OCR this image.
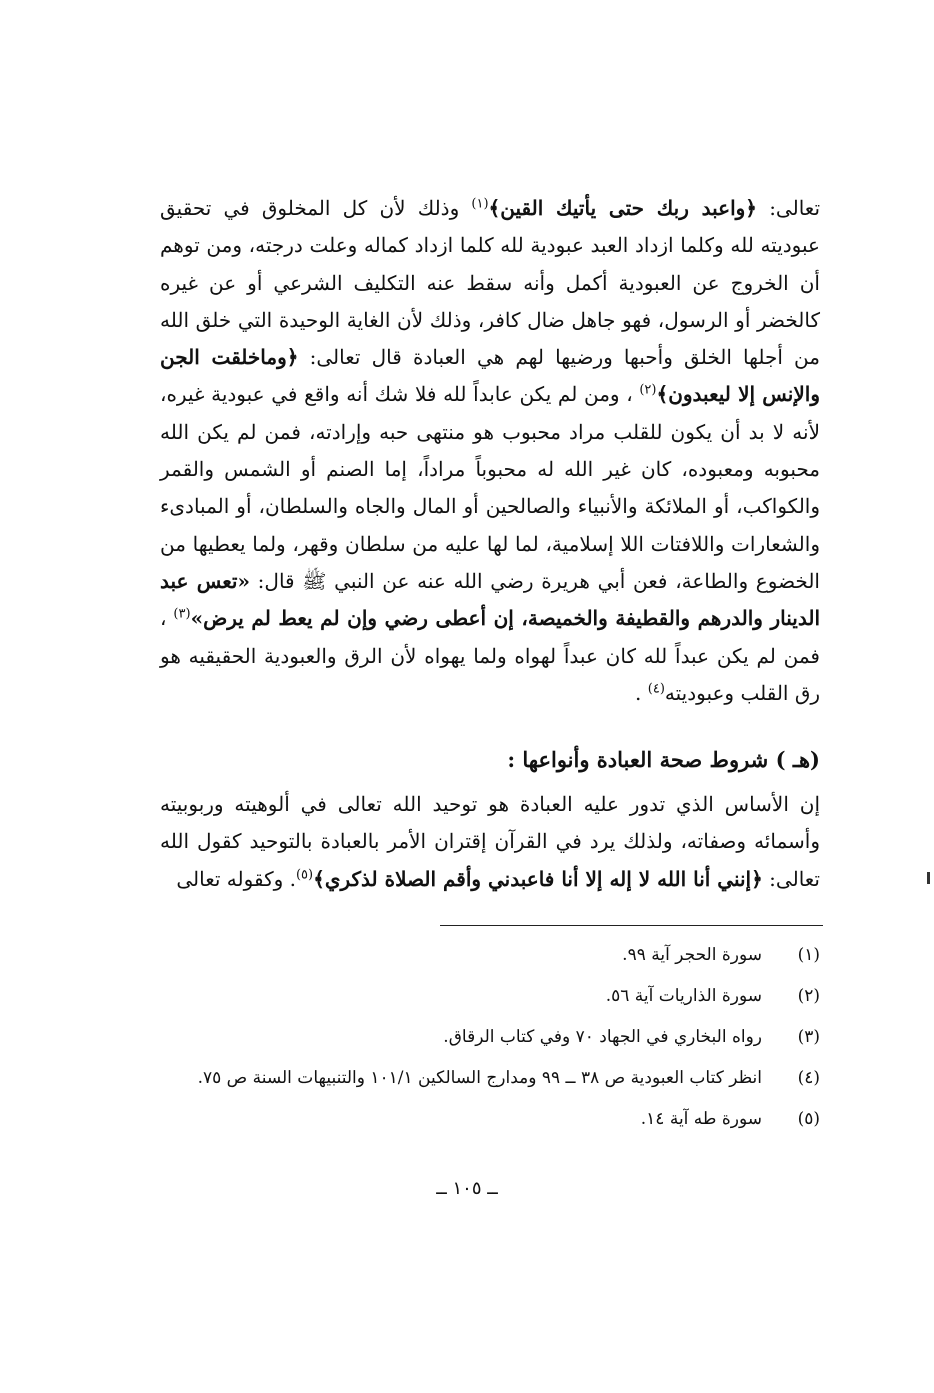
تعالى: ﴿واعبد ربك حتى يأتيك القين﴾$^{(١)}$ وذلك لأن كل المخلوق في تحقيق عبوديته لله وكلما ازداد العبد عبودية لله كلما ازداد كماله وعلت درجته، ومن توهم أن الخروج عن العبودية أكمل وأنه سقط عنه التكليف الشرعي أو عن غيره كالخضر أو الرسول، فهو جاهل ضال كافر، وذلك لأن الغاية الوحيدة التي خلق الله من أجلها الخلق وأحبها ورضيها لهم هي العبادة قال تعالى: ﴿وماخلقت الجن والإنس إلا ليعبدون﴾$^{(٢)}$ ، ومن لم يكن عابداً لله فلا شك أنه واقع في عبودية غيره، لأنه لا بد أن يكون للقلب مراد محبوب هو منتهى حبه وإرادته، فمن لم يكن الله محبوبه ومعبوده، كان غير الله له محبوباً مراداً، إما الصنم أو الشمس والقمر والكواكب، أو الملائكة والأنبياء والصالحين أو المال والجاه والسلطان، أو المبادىء والشعارات واللافتات اللا إسلامية، لما لها عليه من سلطان وقهر، ولما يعطيها من الخضوع والطاعة، فعن أبي هريرة رضي الله عنه عن النبي ﷺ قال: «تعس عبد الدينار والدرهم والقطيفة والخميصة، إن أعطى رضي وإن لم يعط لم يرض»$^{(٣)}$ ، فمن لم يكن عبداً لله كان عبداً لهواه ولما يهواه لأن الرق والعبودية الحقيقيه هو رق القلب وعبوديته$^{(٤)}$ .

(هـ ) شروط صحة العبادة وأنواعها :

إن الأساس الذي تدور عليه العبادة هو توحيد الله تعالى في ألوهيته وربوبيته وأسمائه وصفاته، ولذلك يرد في القرآن إقتران الأمر بالعبادة بالتوحيد كقول الله تعالى: ﴿إنني أنا الله لا إله إلا أنا فاعبدني وأقم الصلاة لذكري﴾$^{(٥)}$. وكقوله تعالى

(١)
سورة الحجر آية ٩٩.
(٢)
سورة الذاريات آية ٥٦.
(٣)
رواه البخاري في الجهاد ٧٠ وفي كتاب الرقاق.
(٤)
انظر كتاب العبودية ص ٣٨ ــ ٩٩ ومدارج السالكين ١٠١/١ والتنبيهات السنة ص ٧٥.
(٥)
سورة طه آية ١٤.
ــ ١٠٥ ــ
